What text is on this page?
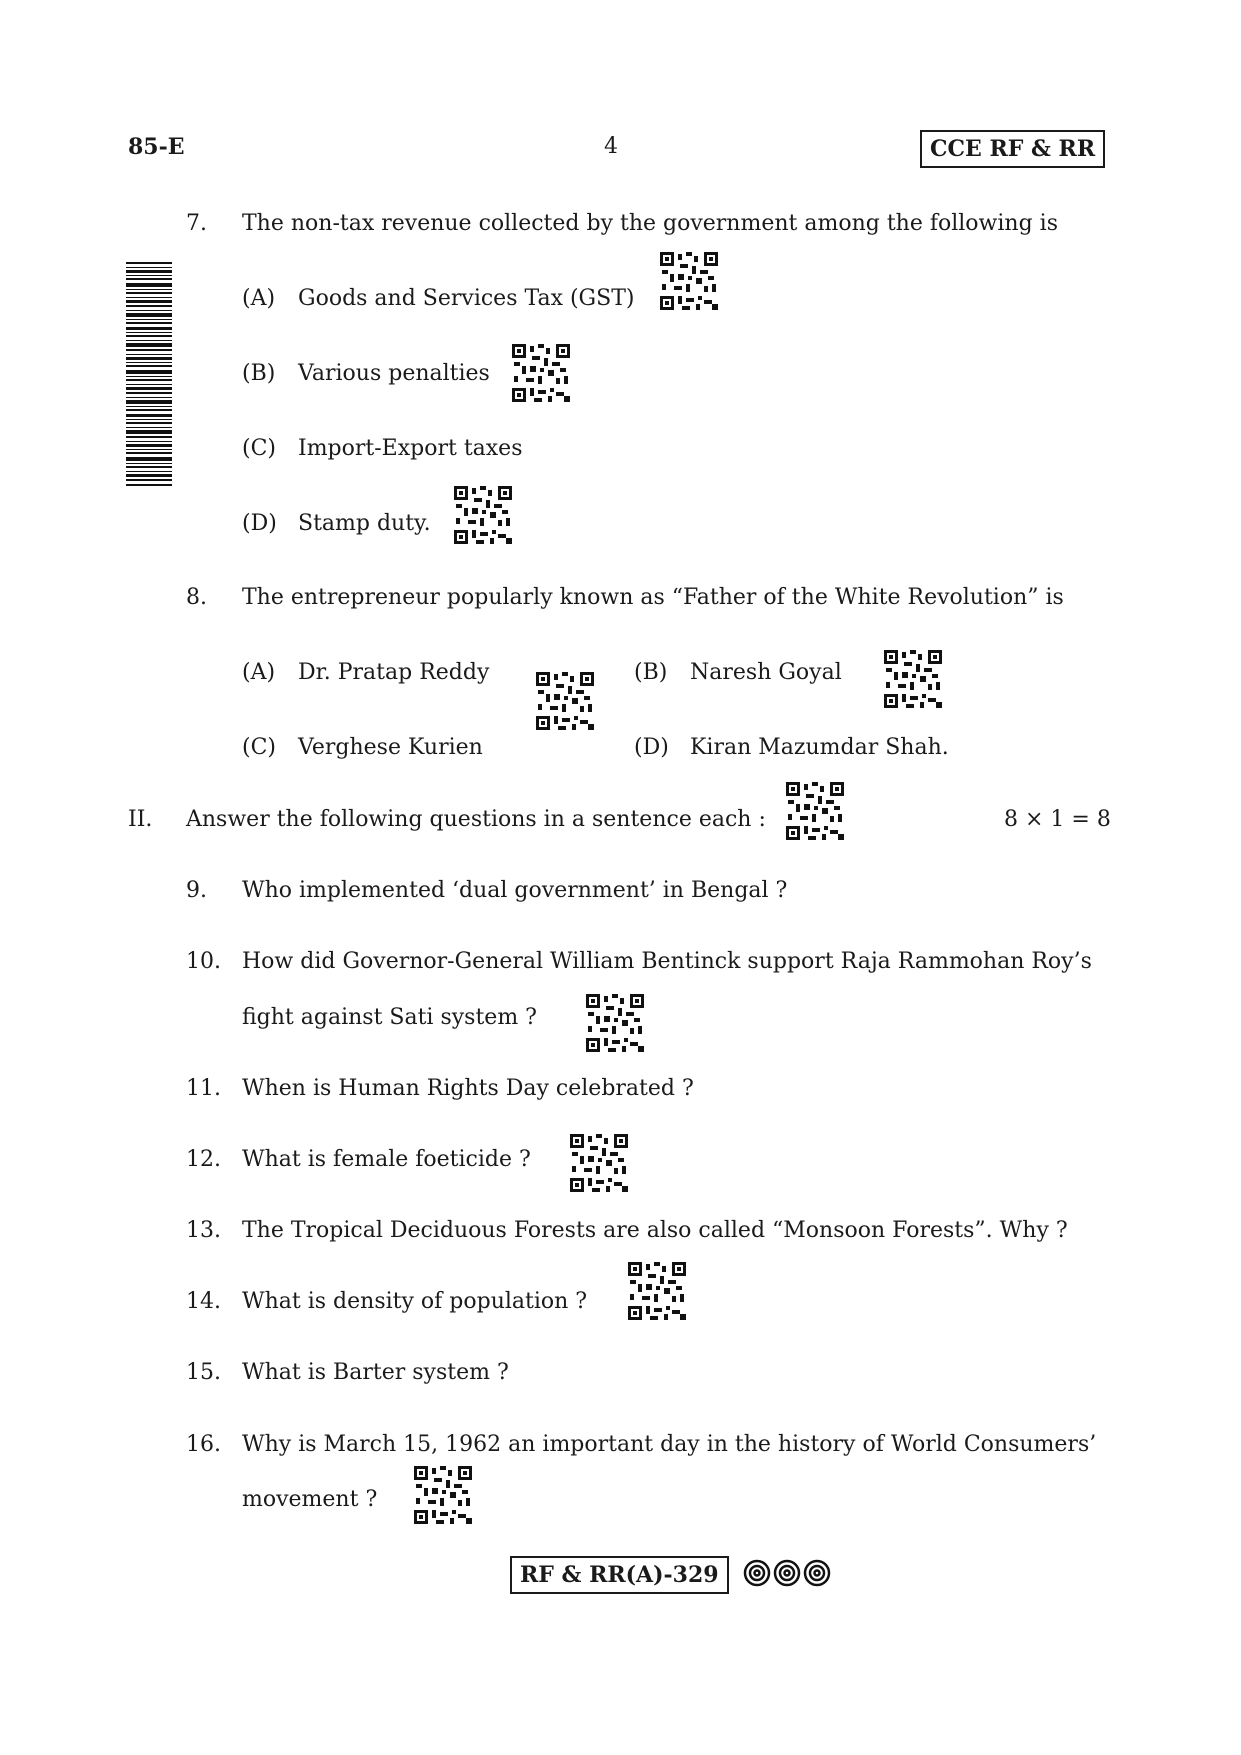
85-E	4	CCE RF & RR
7. The non-tax revenue collected by the government among the following is
(A) Goods and Services Tax (GST)
(B) Various penalties
(C) Import-Export taxes
(D) Stamp duty.
8. The entrepreneur popularly known as “Father of the White Revolution” is
(A) Dr. Pratap Reddy	(B) Naresh Goyal
(C) Verghese Kurien	(D) Kiran Mazumdar Shah.
II. Answer the following questions in a sentence each :	8 × 1 = 8
9. Who implemented ‘dual government’ in Bengal ?
10. How did Governor-General William Bentinck support Raja Rammohan Roy’s
fight against Sati system ?
11. When is Human Rights Day celebrated ?
12. What is female foeticide ?
13. The Tropical Deciduous Forests are also called “Monsoon Forests”. Why ?
14. What is density of population ?
15. What is Barter system ?
16. Why is March 15, 1962 an important day in the history of World Consumers’
movement ?
RF & RR(A)-329
